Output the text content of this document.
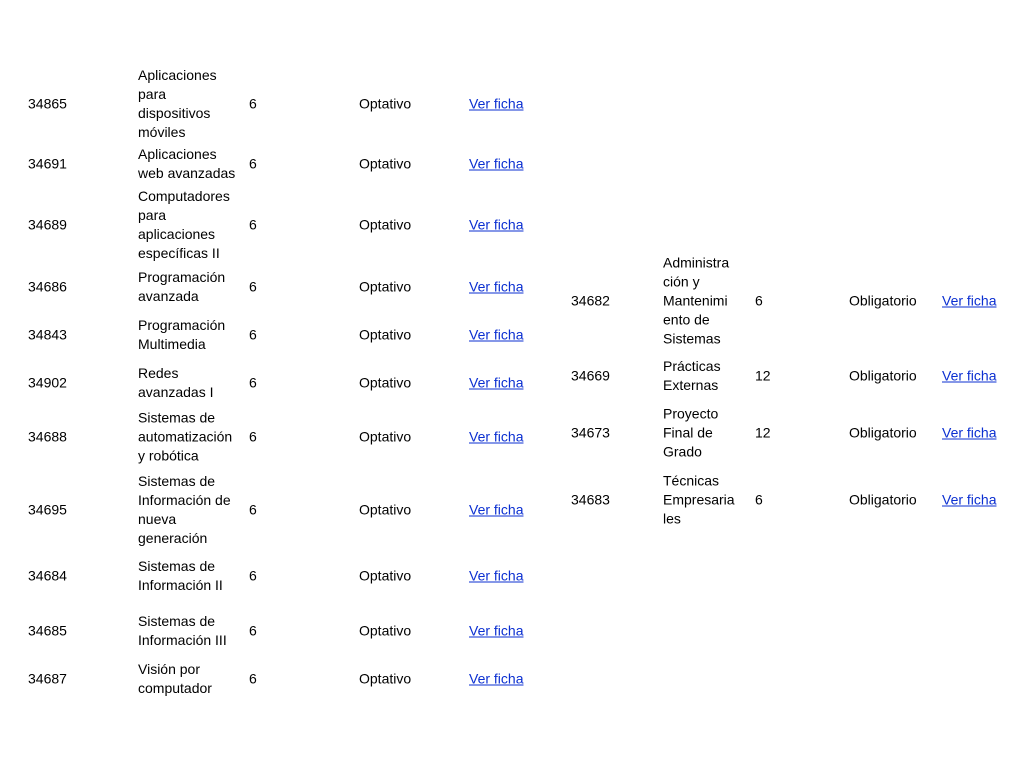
34865
Aplicaciones
para
dispositivos
móviles
6	Optativo	Ver ficha
34691
Aplicaciones
web avanzadas
6	Optativo	Ver ficha
34689
Computadores
para
aplicaciones
específicas II
6	Optativo	Ver ficha
34686
Programación
avanzada
6	Optativo	Ver ficha
34843
Programación
Multimedia
6	Optativo	Ver ficha
34902
Redes
avanzadas I
6	Optativo	Ver ficha
34688
Sistemas de
automatización
y robótica
6	Optativo	Ver ficha
34695
Sistemas de
Información de
nueva
generación
6	Optativo	Ver ficha
34684
Sistemas de
Información II
6	Optativo	Ver ficha
34685
Sistemas de
Información III
6	Optativo	Ver ficha
34687
Visión por
computador
6	Optativo	Ver ficha
34682
Administra
ción y
Mantenimi
ento de
Sistemas
6	Obligatorio Ver ficha
34669
Prácticas
Externas
12	Obligatorio Ver ficha
34673
Proyecto
Final de
Grado
12	Obligatorio Ver ficha
34683
Técnicas
Empresaria
les
6	Obligatorio Ver ficha
